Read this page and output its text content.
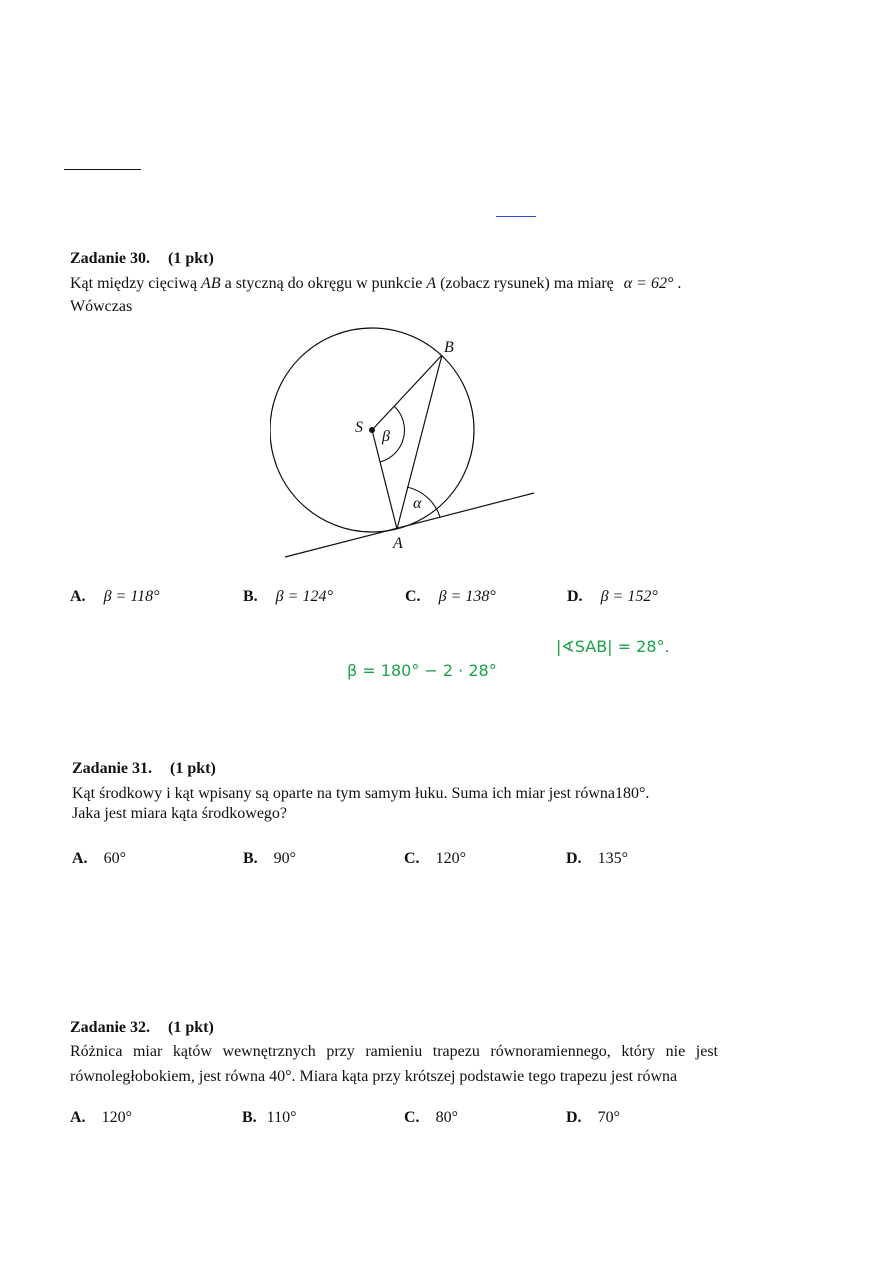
Zadanie 30. (1 pkt)
Kąt między cięciwą AB a styczną do okręgu w punkcie A (zobacz rysunek) ma miarę α = 62° .
Wówczas
B
S
β
α
A
A. β = 118°	B. β = 124°	C. β = 138°	D. β = 152°
|∢SAB| = 28°.
β = 180° − 2 · 28°
Zadanie 31. (1 pkt)
Kąt środkowy i kąt wpisany są oparte na tym samym łuku. Suma ich miar jest równa180°.
Jaka jest miara kąta środkowego?
A. 60°	B. 90°	C. 120°	D. 135°
Zadanie 32. (1 pkt)
Różnica miar kątów wewnętrznych przy ramieniu trapezu równoramiennego, który nie jest
równoległobokiem, jest równa 40°. Miara kąta przy krótszej podstawie tego trapezu jest równa
A. 120°	B. 110°	C. 80°	D. 70°
